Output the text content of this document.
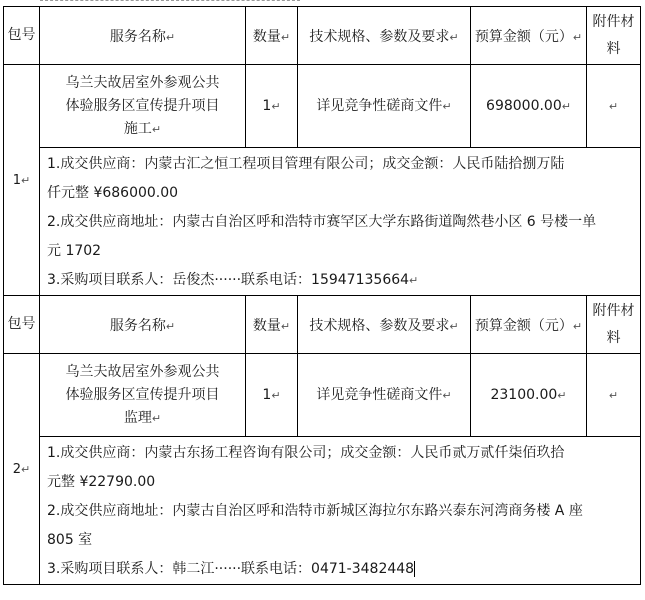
包号	服务名称↵	数量↵	技术规格、参数及要求↵	预算金额（元）↵	附件材料

1↵	乌兰夫故居室外参观公共
体验服务区宣传提升项目
施工↵	1↵	详见竞争性磋商文件↵	698000.00↵	↵

	1.成交供应商：内蒙古汇之恒工程项目管理有限公司；成交金额：人民币陆拾捌万陆
仟元整 ¥686000.00
2.成交供应商地址：内蒙古自治区呼和浩特市赛罕区大学东路街道陶然巷小区 6 号楼一单
元 1702
3.采购项目联系人：岳俊杰······联系电话：15947135664↵				

包号	服务名称↵	数量↵	技术规格、参数及要求↵	预算金额（元）↵	附件材料

2↵	乌兰夫故居室外参观公共
体验服务区宣传提升项目
监理↵	1↵	详见竞争性磋商文件↵	23100.00↵	↵

	1.成交供应商：内蒙古东扬工程咨询有限公司；成交金额：人民币贰万贰仟柒佰玖拾
元整 ¥22790.00
2.成交供应商地址：内蒙古自治区呼和浩特市新城区海拉尔东路兴泰东河湾商务楼 A 座
805 室
3.采购项目联系人：韩二江······联系电话：0471-3482448				
